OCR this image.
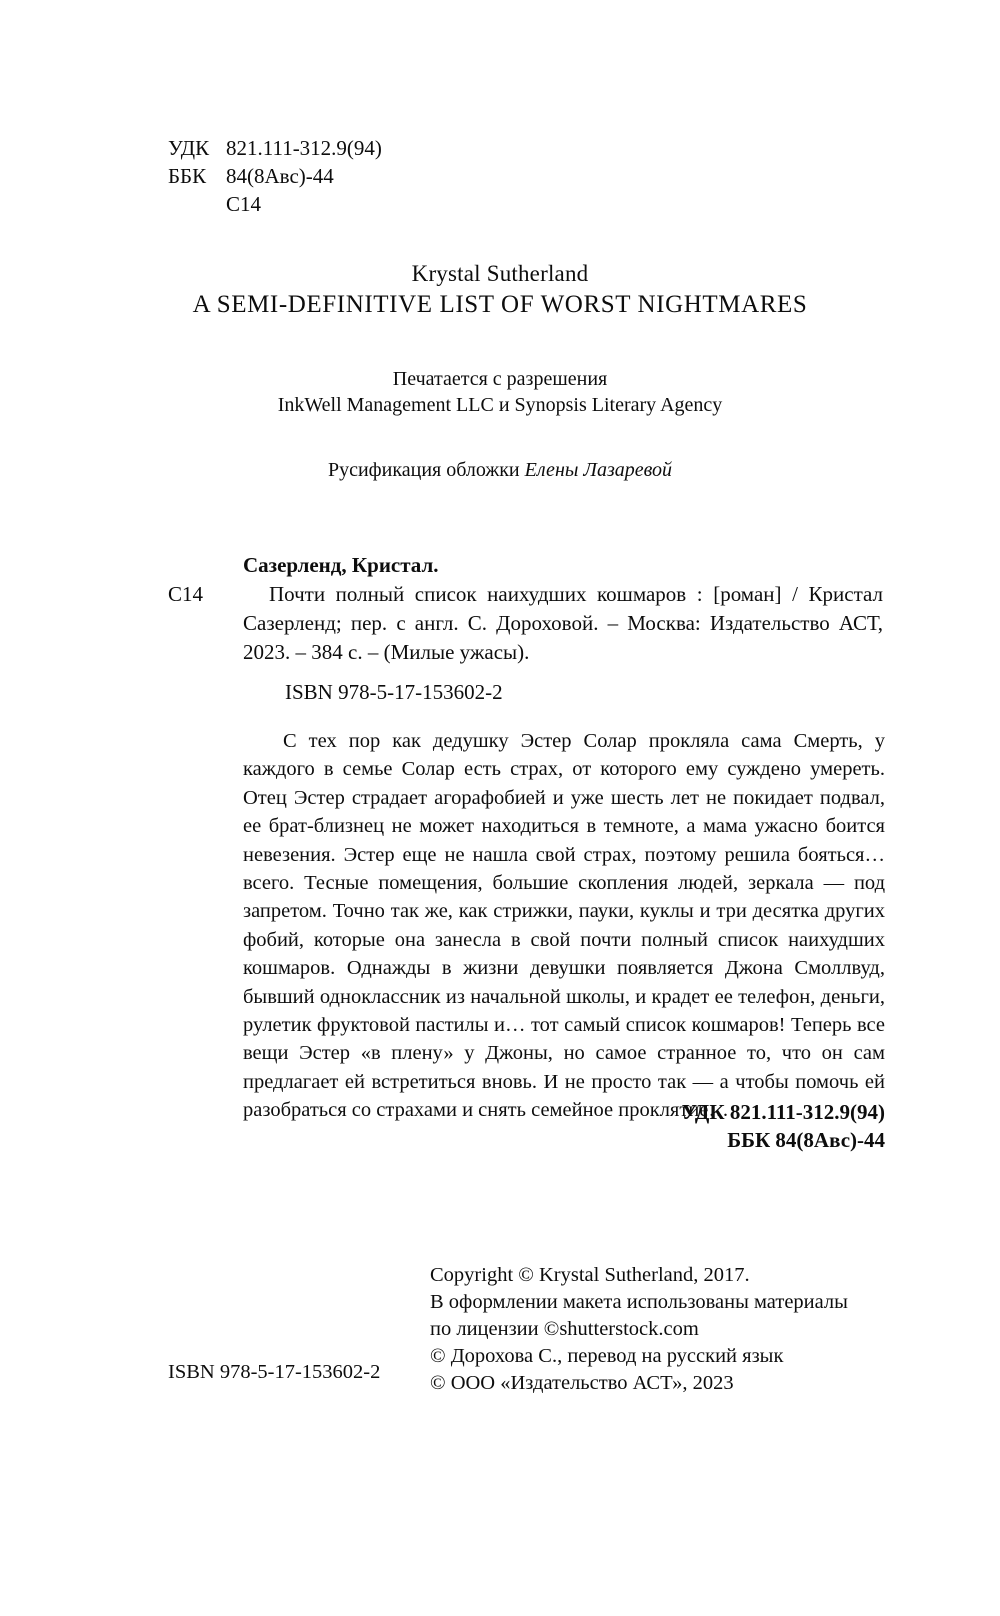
УДК 821.111-312.9(94)
ББК 84(8Авс)-44
С14
Krystal Sutherland
A SEMI-DEFINITIVE LIST OF WORST NIGHTMARES
Печатается с разрешения
InkWell Management LLC и Synopsis Literary Agency
Русификация обложки Елены Лазаревой
С14
Сазерленд, Кристал.
Почти полный список наихудших кошмаров : [роман] / Кристал Сазерленд; пер. с англ. С. Дороховой. – Москва: Издательство АСТ, 2023. – 384 с. – (Милые ужасы).
ISBN 978-5-17-153602-2
С тех пор как дедушку Эстер Солар прокляла сама Смерть, у каждого в семье Солар есть страх, от которого ему суждено умереть. Отец Эстер страдает агорафобией и уже шесть лет не покидает подвал, ее брат-близнец не может находиться в темноте, а мама ужасно боится невезения. Эстер еще не нашла свой страх, поэтому решила бояться… всего. Тесные помещения, большие скопления людей, зеркала — под запретом. Точно так же, как стрижки, пауки, куклы и три десятка других фобий, которые она занесла в свой почти полный список наихудших кошмаров. Однажды в жизни девушки появляется Джона Смоллвуд, бывший одноклассник из начальной школы, и крадет ее телефон, деньги, рулетик фруктовой пастилы и… тот самый список кошмаров! Теперь все вещи Эстер «в плену» у Джоны, но самое странное то, что он сам предлагает ей встретиться вновь. И не просто так — а чтобы помочь ей разобраться со страхами и снять семейное проклятие…
УДК 821.111-312.9(94)
ББК 84(8Авс)-44
Copyright © Krystal Sutherland, 2017.
В оформлении макета использованы материалы
по лицензии ©shutterstock.com
© Дорохова С., перевод на русский язык
© ООО «Издательство АСТ», 2023
ISBN 978-5-17-153602-2
